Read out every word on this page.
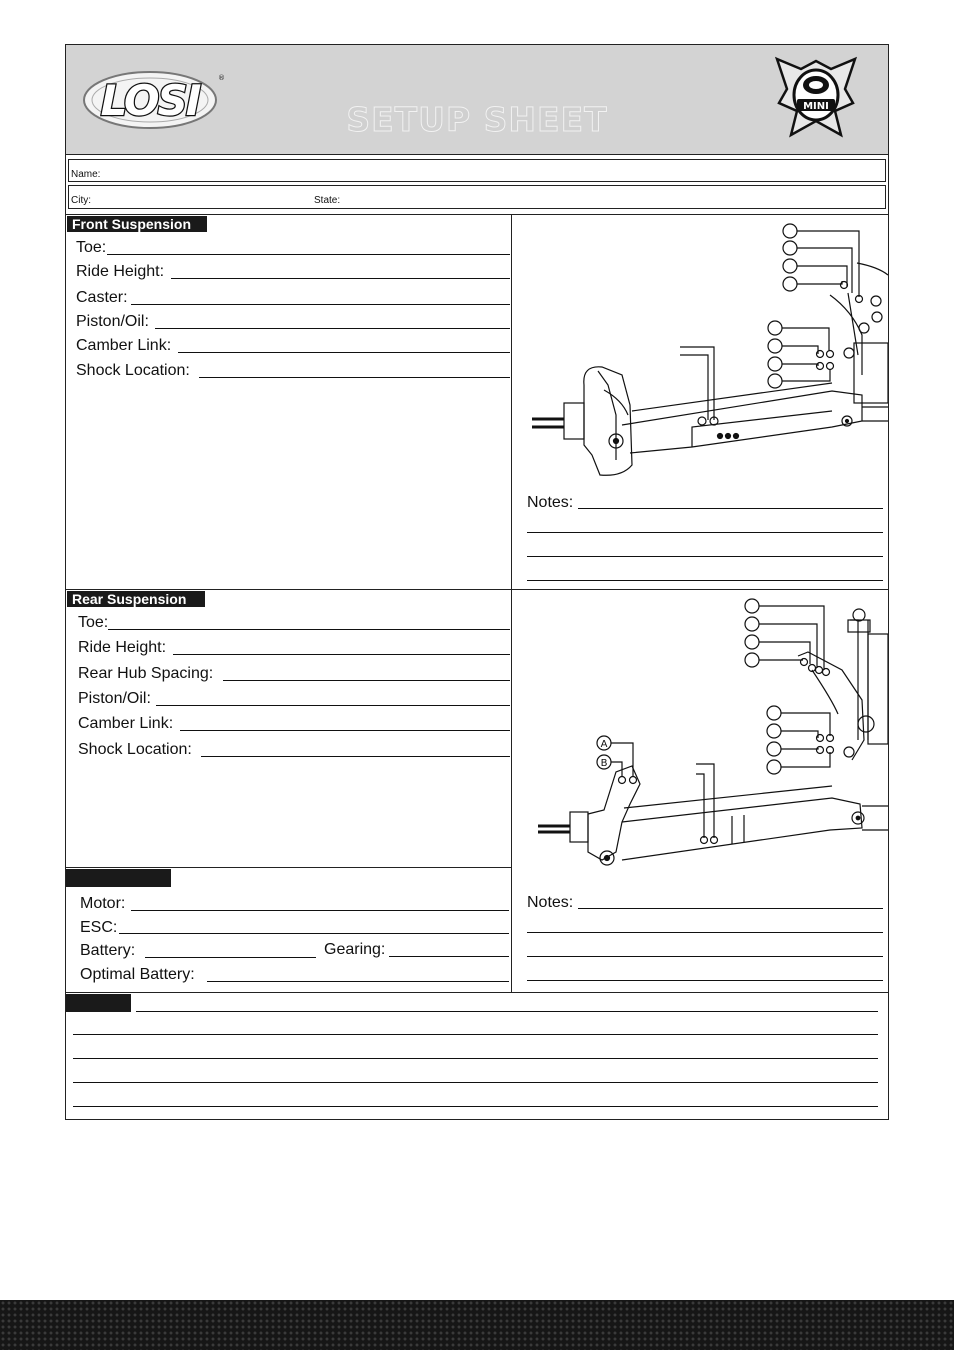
LOSI	®
SETUP SHEET	MINI
Name:
City:	State:
Front Suspension
Toe:
Ride Height:
Caster:
Piston/Oil:
Camber Link:
Shock Location:
Notes:
Rear Suspension
Toe:
Ride Height:
Rear Hub Spacing:
Piston/Oil:
Camber Link:
Shock Location:	A
B
Motor:
ESC:
Battery:	Gearing:
Optimal Battery:
Notes:
